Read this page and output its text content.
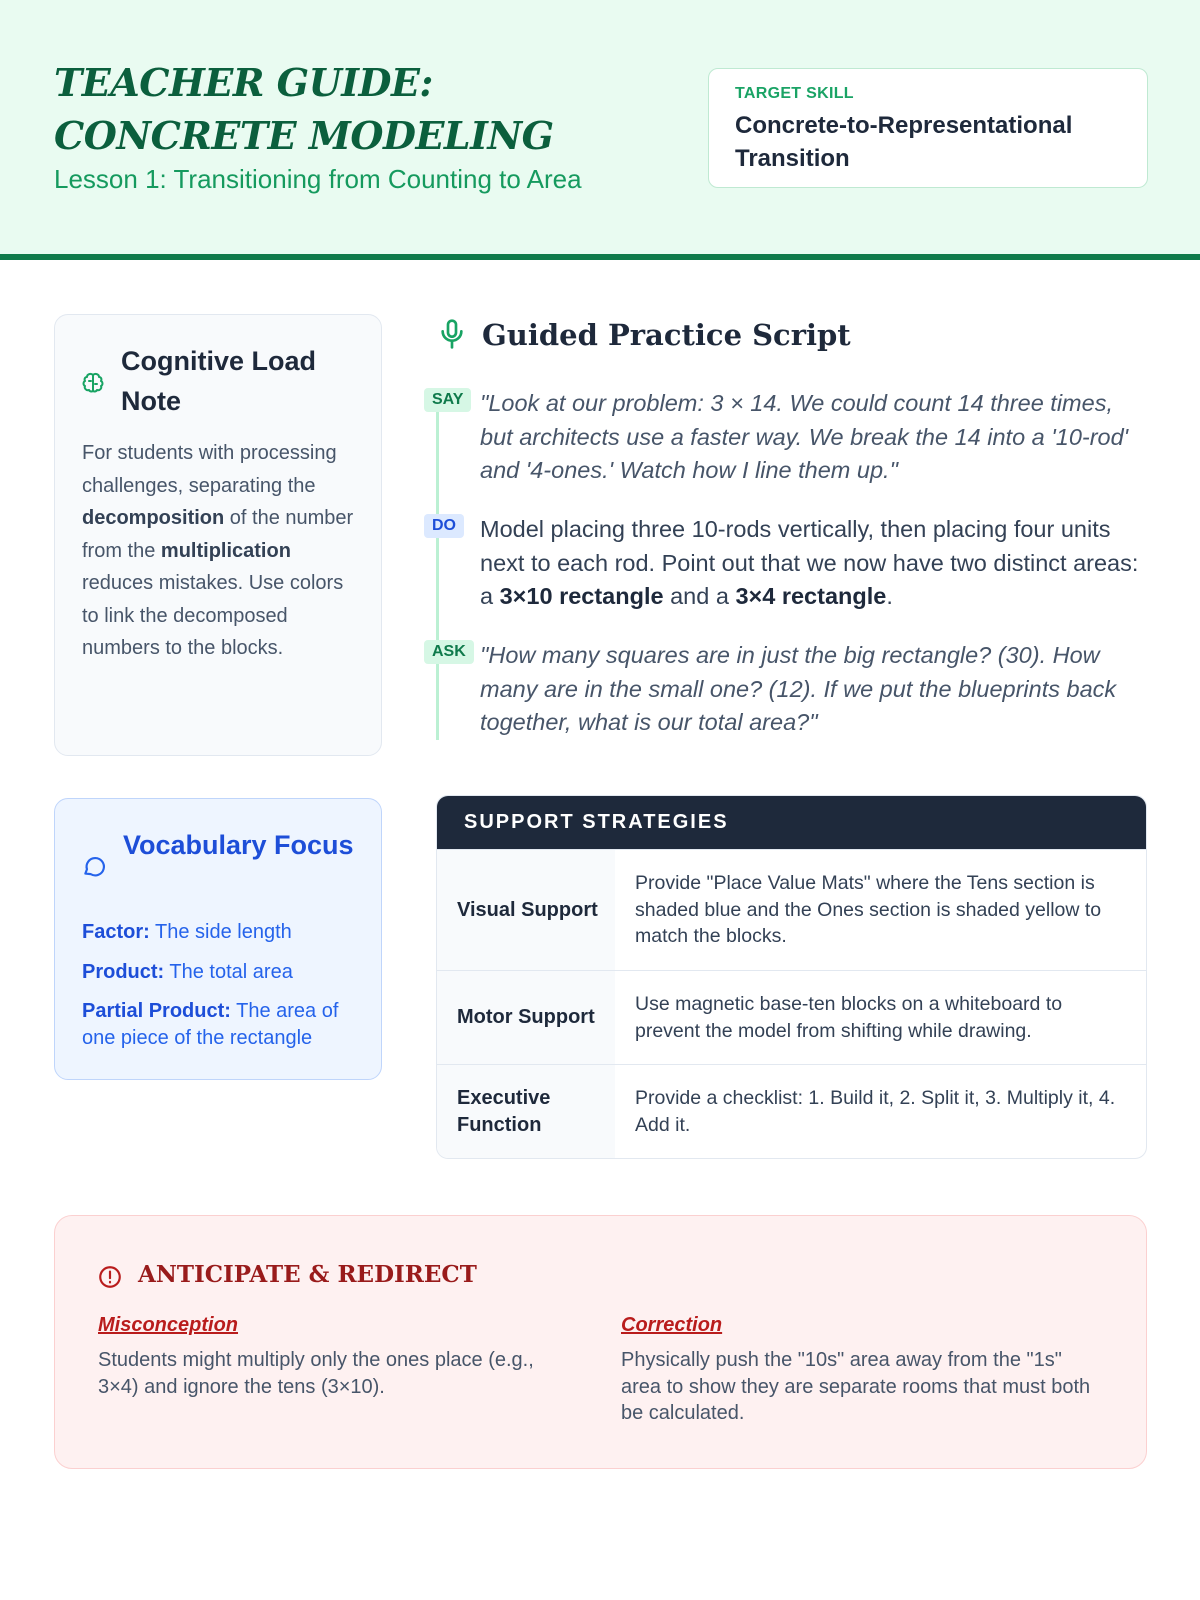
TEACHER GUIDE: CONCRETE MODELING
Lesson 1: Transitioning from Counting to Area
TARGET SKILL
Concrete-to-Representational Transition
Cognitive Load Note
For students with processing challenges, separating the decomposition of the number from the multiplication reduces mistakes. Use colors to link the decomposed numbers to the blocks.
Vocabulary Focus
Factor: The side length
Product: The total area
Partial Product: The area of one piece of the rectangle
Guided Practice Script
SAY "Look at our problem: 3 × 14. We could count 14 three times, but architects use a faster way. We break the 14 into a '10-rod' and '4-ones.' Watch how I line them up."
DO	Model placing three 10-rods vertically, then placing four units next to each rod. Point out that we now have two distinct areas: a 3×10 rectangle and a 3×4 rectangle.
ASK "How many squares are in just the big rectangle? (30). How many are in the small one? (12). If we put the blueprints back together, what is our total area?"
SUPPORT STRATEGIES
Visual Support
Provide "Place Value Mats" where the Tens section is shaded blue and the Ones section is shaded yellow to match the blocks.
Motor Support
Use magnetic base-ten blocks on a whiteboard to prevent the model from shifting while drawing.
Executive Function
Provide a checklist: 1. Build it, 2. Split it, 3. Multiply it, 4. Add it.
ANTICIPATE & REDIRECT
Misconception
Students might multiply only the ones place (e.g., 3×4) and ignore the tens (3×10).
Correction
Physically push the "10s" area away from the "1s" area to show they are separate rooms that must both be calculated.
